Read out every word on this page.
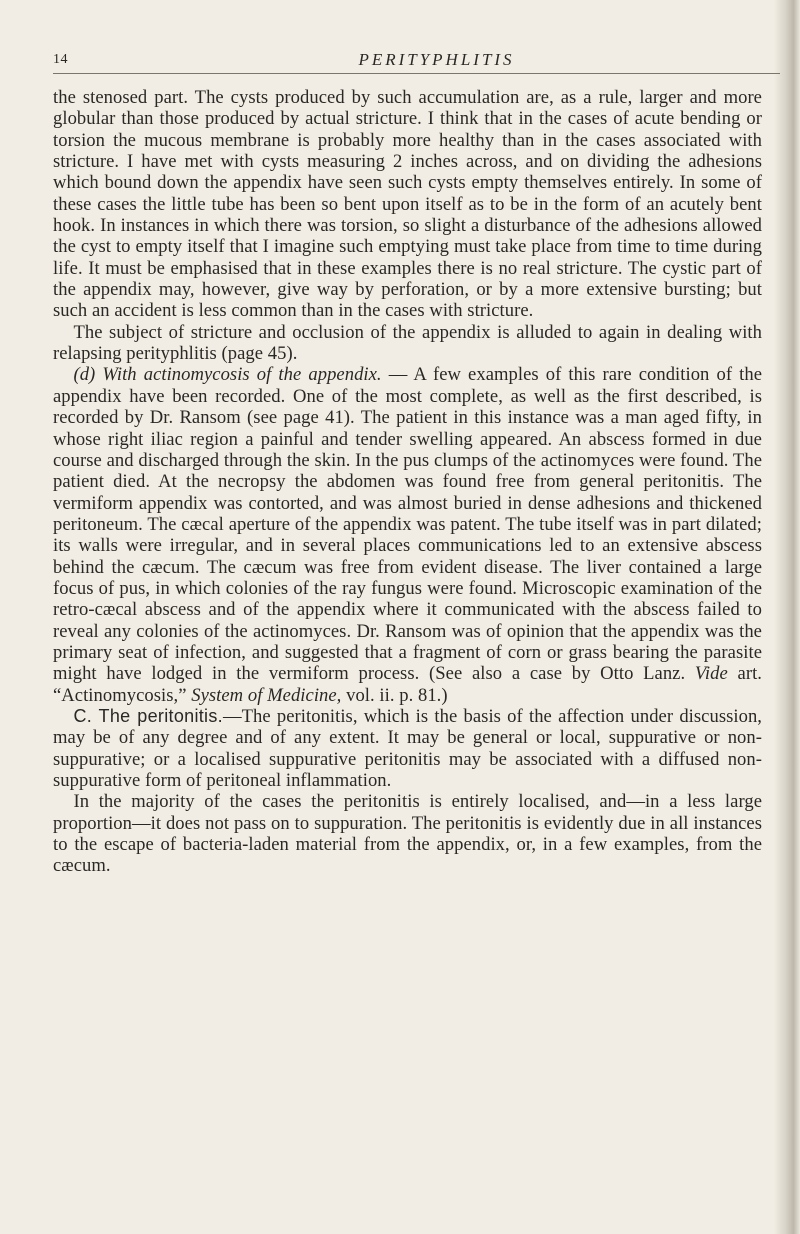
14	PERITYPHLITIS

the stenosed part. The cysts produced by such accumulation are, as a rule, larger and more globular than those produced by actual stricture. I think that in the cases of acute bending or torsion the mucous membrane is probably more healthy than in the cases associated with stricture. I have met with cysts measuring 2 inches across, and on dividing the adhesions which bound down the appendix have seen such cysts empty themselves entirely. In some of these cases the little tube has been so bent upon itself as to be in the form of an acutely bent hook. In instances in which there was torsion, so slight a disturbance of the adhesions allowed the cyst to empty itself that I imagine such emptying must take place from time to time during life. It must be emphasised that in these examples there is no real stricture. The cystic part of the appendix may, however, give way by perforation, or by a more extensive bursting; but such an accident is less common than in the cases with stricture.

The subject of stricture and occlusion of the appendix is alluded to again in dealing with relapsing perityphlitis (page 45).

(d) With actinomycosis of the appendix. — A few examples of this rare condition of the appendix have been recorded. One of the most complete, as well as the first described, is recorded by Dr. Ransom (see page 41). The patient in this instance was a man aged fifty, in whose right iliac region a painful and tender swelling appeared. An abscess formed in due course and discharged through the skin. In the pus clumps of the actinomyces were found. The patient died. At the necropsy the abdomen was found free from general peritonitis. The vermiform appendix was contorted, and was almost buried in dense adhesions and thickened peritoneum. The cæcal aperture of the appendix was patent. The tube itself was in part dilated; its walls were irregular, and in several places communications led to an extensive abscess behind the cæcum. The cæcum was free from evident disease. The liver contained a large focus of pus, in which colonies of the ray fungus were found. Microscopic examination of the retro-cæcal abscess and of the appendix where it communicated with the abscess failed to reveal any colonies of the actinomyces. Dr. Ransom was of opinion that the appendix was the primary seat of infection, and suggested that a fragment of corn or grass bearing the parasite might have lodged in the vermiform process. (See also a case by Otto Lanz. Vide art. “Actinomycosis,” System of Medicine, vol. ii. p. 81.)

C. The peritonitis.—The peritonitis, which is the basis of the affection under discussion, may be of any degree and of any extent. It may be general or local, suppurative or non-suppurative; or a localised suppurative peritonitis may be associated with a diffused non-suppurative form of peritoneal inflammation.

In the majority of the cases the peritonitis is entirely localised, and—in a less large proportion—it does not pass on to suppuration. The peritonitis is evidently due in all instances to the escape of bacteria-laden material from the appendix, or, in a few examples, from the cæcum.
